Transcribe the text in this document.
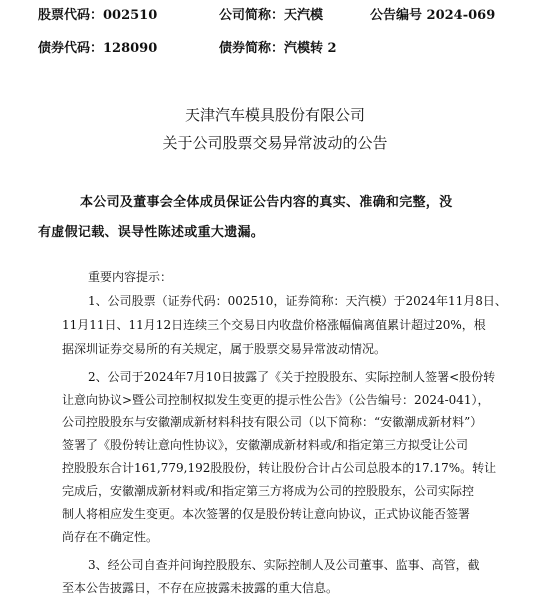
股票代码：002510	公司简称：天汽模	公告编号 2024-069
债券代码：128090	债券简称：汽模转 2
天津汽车模具股份有限公司
关于公司股票交易异常波动的公告
本公司及董事会全体成员保证公告内容的真实、准确和完整，没
有虚假记载、误导性陈述或重大遗漏。
重要内容提示：
1、公司股票（证券代码：002510，证券简称：天汽模）于2024年11月8日、
11月11日、11月12日连续三个交易日内收盘价格涨幅偏离值累计超过20%，根
据深圳证券交易所的有关规定，属于股票交易异常波动情况。
2、公司于2024年7月10日披露了《关于控股股东、实际控制人签署<股份转
让意向协议>暨公司控制权拟发生变更的提示性公告》（公告编号：2024-041），
公司控股股东与安徽潮成新材料科技有限公司（以下简称：“安徽潮成新材料”）
签署了《股份转让意向性协议》，安徽潮成新材料或/和指定第三方拟受让公司
控股股东合计161,779,192股股份，转让股份合计占公司总股本的17.17%。转让
完成后，安徽潮成新材料或/和指定第三方将成为公司的控股股东，公司实际控
制人将相应发生变更。本次签署的仅是股份转让意向协议，正式协议能否签署
尚存在不确定性。
3、经公司自查并问询控股股东、实际控制人及公司董事、监事、高管，截
至本公告披露日，不存在应披露未披露的重大信息。
